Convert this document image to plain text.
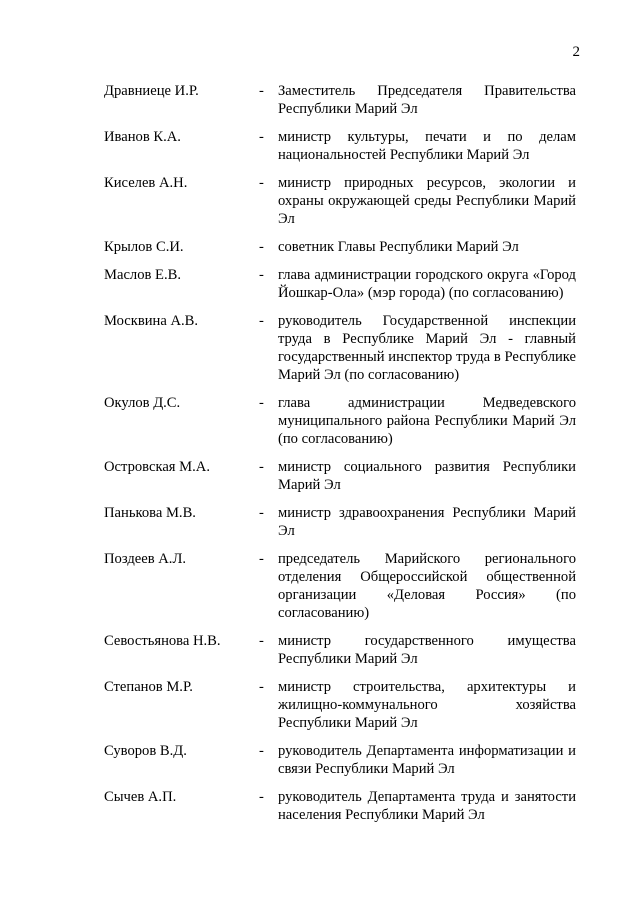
2
Дравниеце И.Р.	- Заместитель Председателя Правительства Республики Марий Эл
Иванов К.А.	- министр культуры, печати и по делам национальностей Республики Марий Эл
Киселев А.Н.	- министр природных ресурсов, экологии и охраны окружающей среды Республики Марий Эл
Крылов С.И.	- советник Главы Республики Марий Эл
Маслов Е.В.	- глава администрации городского округа «Город Йошкар-Ола» (мэр города) (по согласованию)
Москвина А.В.	- руководитель Государственной инспекции труда в Республике Марий Эл - главный государственный инспектор труда в Республике Марий Эл (по согласованию)
Окулов Д.С.	- глава администрации Медведевского муниципального района Республики Марий Эл (по согласованию)
Островская М.А.	- министр социального развития Республики Марий Эл
Панькова М.В.	- министр здравоохранения Республики Марий Эл
Поздеев А.Л.	- председатель Марийского регионального отделения Общероссийской общественной организации «Деловая Россия» (по согласованию)
Севостьянова Н.В.	- министр государственного имущества Республики Марий Эл
Степанов М.Р.	- министр строительства, архитектуры и жилищно-коммунального хозяйства Республики Марий Эл
Суворов В.Д.	- руководитель Департамента информатизации и связи Республики Марий Эл
Сычев А.П.	- руководитель Департамента труда и занятости населения Республики Марий Эл
